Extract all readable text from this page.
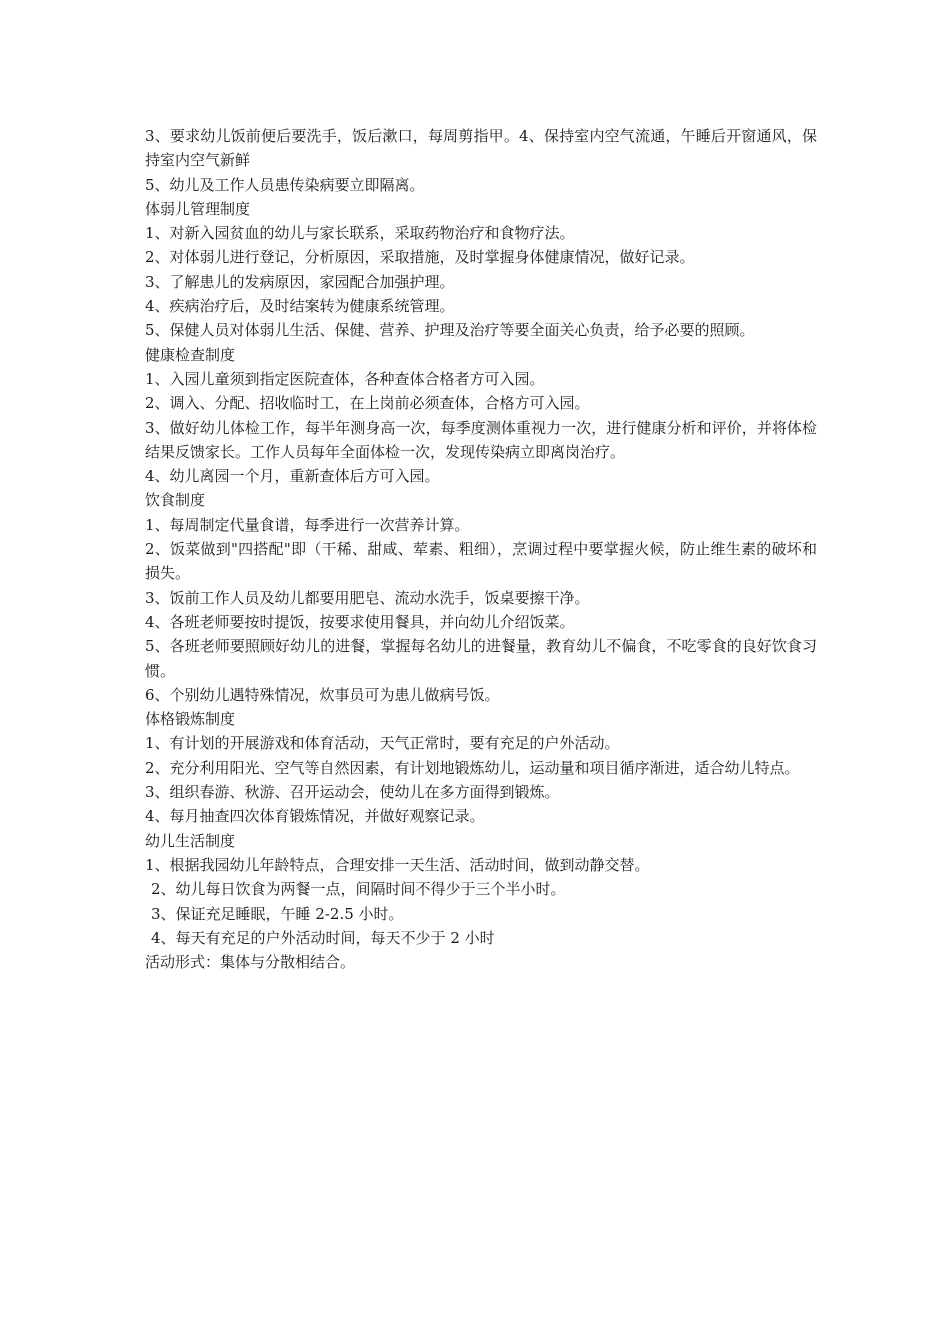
3、要求幼儿饭前便后要洗手，饭后漱口，每周剪指甲。4、保持室内空气流通，午睡后开窗通风，保持室内空气新鲜

5、幼儿及工作人员患传染病要立即隔离。

体弱儿管理制度

1、对新入园贫血的幼儿与家长联系，采取药物治疗和食物疗法。

2、对体弱儿进行登记，分析原因，采取措施，及时掌握身体健康情况，做好记录。

3、了解患儿的发病原因，家园配合加强护理。

4、疾病治疗后，及时结案转为健康系统管理。

5、保健人员对体弱儿生活、保健、营养、护理及治疗等要全面关心负责，给予必要的照顾。

健康检查制度

1、入园儿童须到指定医院查体，各种查体合格者方可入园。

2、调入、分配、招收临时工，在上岗前必须查体，合格方可入园。

3、做好幼儿体检工作，每半年测身高一次，每季度测体重视力一次，进行健康分析和评价，并将体检结果反馈家长。工作人员每年全面体检一次，发现传染病立即离岗治疗。

4、幼儿离园一个月，重新查体后方可入园。

饮食制度

1、每周制定代量食谱，每季进行一次营养计算。

2、饭菜做到"四搭配"即（干稀、甜咸、荤素、粗细），烹调过程中要掌握火候，防止维生素的破坏和损失。

3、饭前工作人员及幼儿都要用肥皂、流动水洗手，饭桌要擦干净。

4、各班老师要按时提饭，按要求使用餐具，并向幼儿介绍饭菜。

5、各班老师要照顾好幼儿的进餐，掌握每名幼儿的进餐量，教育幼儿不偏食，不吃零食的良好饮食习惯。

6、个别幼儿遇特殊情况，炊事员可为患儿做病号饭。

体格锻炼制度

1、有计划的开展游戏和体育活动，天气正常时，要有充足的户外活动。

2、充分利用阳光、空气等自然因素，有计划地锻炼幼儿，运动量和项目循序渐进，适合幼儿特点。

3、组织春游、秋游、召开运动会，使幼儿在多方面得到锻炼。

4、每月抽查四次体育锻炼情况，并做好观察记录。

幼儿生活制度

1、根据我园幼儿年龄特点，合理安排一天生活、活动时间，做到动静交替。

2、幼儿每日饮食为两餐一点，间隔时间不得少于三个半小时。

3、保证充足睡眠，午睡 2-2.5 小时。

4、每天有充足的户外活动时间，每天不少于 2 小时

活动形式：集体与分散相结合。
